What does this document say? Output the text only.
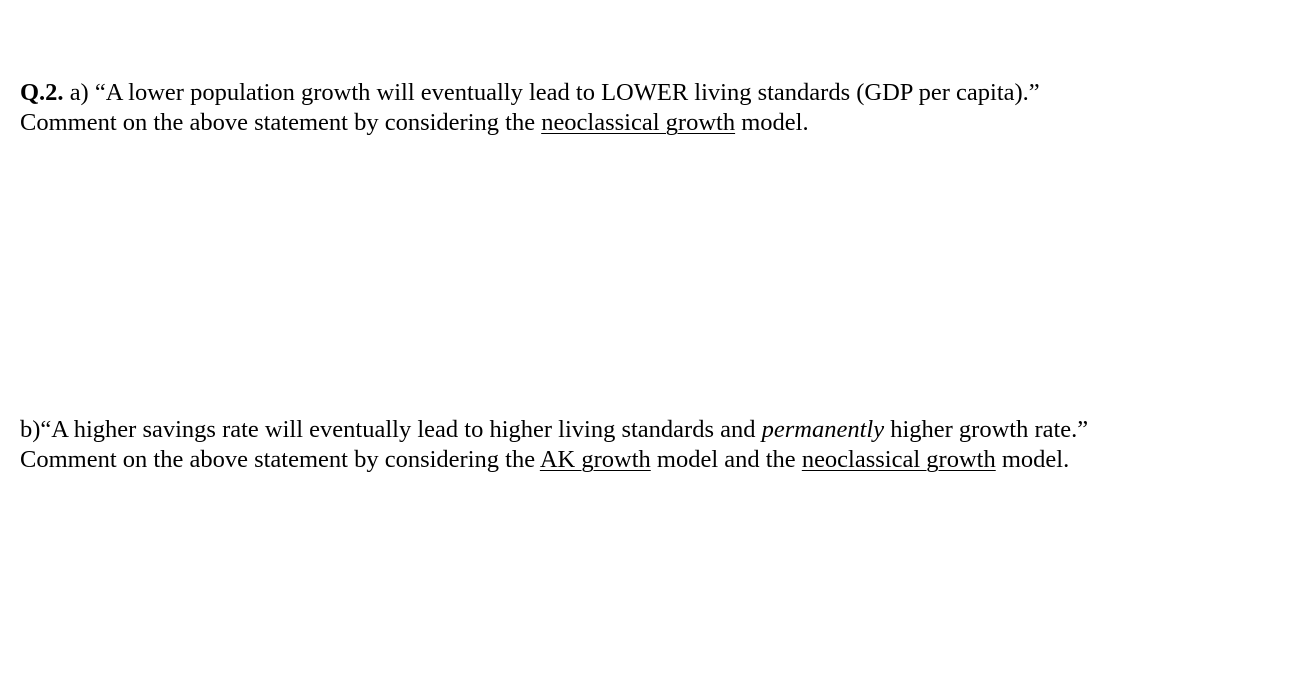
Q.2. a) “A lower population growth will eventually lead to LOWER living standards (GDP per capita).”
Comment on the above statement by considering the neoclassical growth model.
b)“A higher savings rate will eventually lead to higher living standards and permanently higher growth rate.”
Comment on the above statement by considering the AK growth model and the neoclassical growth model.
